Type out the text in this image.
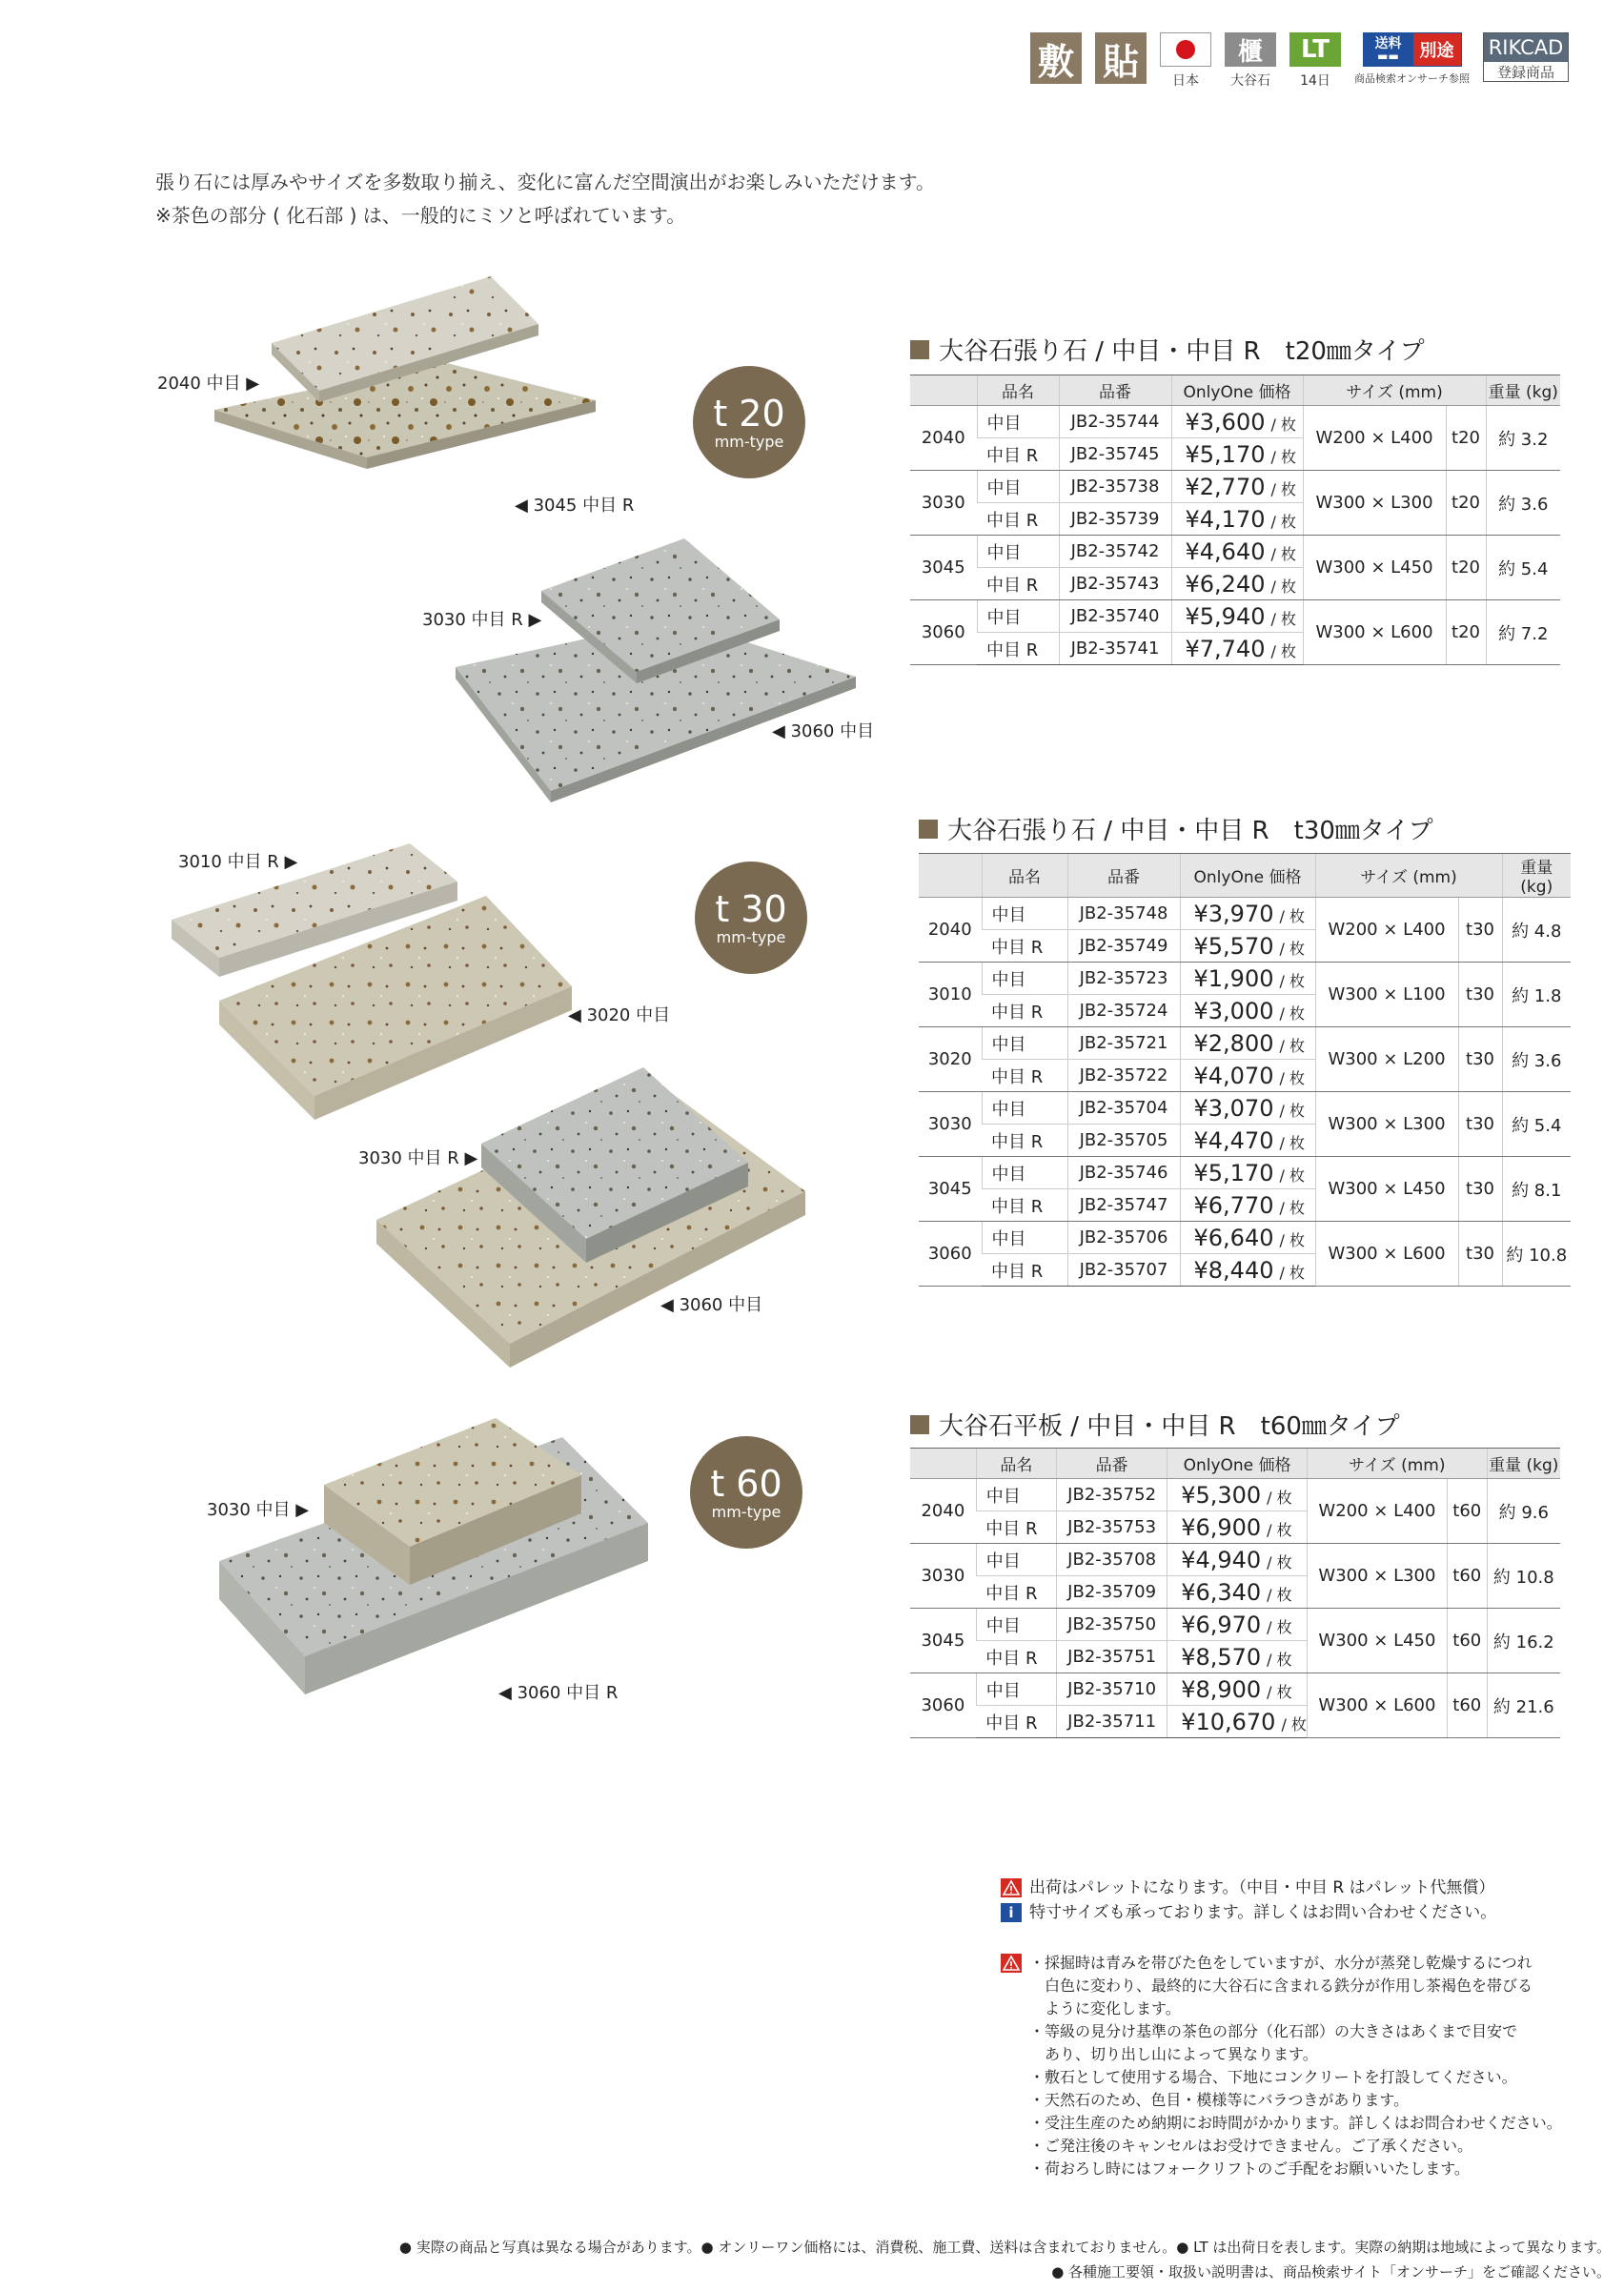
敷 貼	日本
櫃
大谷石
LT
14日
送料
▬▬	別途
商品検索オンサーチ参照
RIKCAD
登録商品
張り石には厚みやサイズを多数取り揃え、変化に富んだ空間演出がお楽しみいただけます。
※茶色の部分 ( 化石部 ) は、一般的にミソと呼ばれています。
2040 中目 ▶
◀ 3045 中目 R
3030 中目 R ▶
◀ 3060 中目
t 20
mm-type
3010 中目 R ▶
◀ 3020 中目
3030 中目 R ▶
◀ 3060 中目
t 30
mm-type
3030 中目 ▶
◀ 3060 中目 R
t 60
mm-type
大谷石張り石 / 中目・中目 R　t20㎜タイプ
	品名	品番	OnlyOne 価格	サイズ (mm)		重量 (kg)
2040	中目	JB2-35744	¥3,600 / 枚	W200 × L400	t20	約 3.2
	中目 R	JB2-35745	¥5,170 / 枚			
3030	中目	JB2-35738	¥2,770 / 枚	W300 × L300	t20	約 3.6
	中目 R	JB2-35739	¥4,170 / 枚			
3045	中目	JB2-35742	¥4,640 / 枚	W300 × L450	t20	約 5.4
	中目 R	JB2-35743	¥6,240 / 枚			
3060	中目	JB2-35740	¥5,940 / 枚	W300 × L600	t20	約 7.2
	中目 R	JB2-35741	¥7,740 / 枚			
大谷石張り石 / 中目・中目 R　t30㎜タイプ
	品名	品番	OnlyOne 価格	サイズ (mm)		重量 (kg)
2040	中目	JB2-35748	¥3,970 / 枚	W200 × L400	t30	約 4.8
	中目 R	JB2-35749	¥5,570 / 枚			
3010	中目	JB2-35723	¥1,900 / 枚	W300 × L100	t30	約 1.8
	中目 R	JB2-35724	¥3,000 / 枚			
3020	中目	JB2-35721	¥2,800 / 枚	W300 × L200	t30	約 3.6
	中目 R	JB2-35722	¥4,070 / 枚			
3030	中目	JB2-35704	¥3,070 / 枚	W300 × L300	t30	約 5.4
	中目 R	JB2-35705	¥4,470 / 枚			
3045	中目	JB2-35746	¥5,170 / 枚	W300 × L450	t30	約 8.1
	中目 R	JB2-35747	¥6,770 / 枚			
3060	中目	JB2-35706	¥6,640 / 枚	W300 × L600	t30	約 10.8
	中目 R	JB2-35707	¥8,440 / 枚			
大谷石平板 / 中目・中目 R　t60㎜タイプ
	品名	品番	OnlyOne 価格	サイズ (mm)		重量 (kg)
2040	中目	JB2-35752	¥5,300 / 枚	W200 × L400	t60	約 9.6
	中目 R	JB2-35753	¥6,900 / 枚			
3030	中目	JB2-35708	¥4,940 / 枚	W300 × L300	t60	約 10.8
	中目 R	JB2-35709	¥6,340 / 枚			
3045	中目	JB2-35750	¥6,970 / 枚	W300 × L450	t60	約 16.2
	中目 R	JB2-35751	¥8,570 / 枚			
3060	中目	JB2-35710	¥8,900 / 枚	W300 × L600	t60	約 21.6
	中目 R	JB2-35711	¥10,670 / 枚			
出荷はパレットになります。（中目・中目 R はパレット代無償）
i 特寸サイズも承っております。詳しくはお問い合わせください。
・採掘時は青みを帯びた色をしていますが、水分が蒸発し乾燥するにつれ
白色に変わり、最終的に大谷石に含まれる鉄分が作用し茶褐色を帯びる
ように変化します。
・等級の見分け基準の茶色の部分（化石部）の大きさはあくまで目安で
あり、切り出し山によって異なります。
・敷石として使用する場合、下地にコンクリートを打設してください。
・天然石のため、色目・模様等にバラつきがあります。
・受注生産のため納期にお時間がかかります。詳しくはお問合わせください。
・ご発注後のキャンセルはお受けできません。ご了承ください。
・荷おろし時にはフォークリフトのご手配をお願いいたします。
● 実際の商品と写真は異なる場合があります。● オンリーワン価格には、消費税、施工費、送料は含まれておりません。● LT は出荷日を表します。実際の納期は地域によって異なります。
● 各種施工要領・取扱い説明書は、商品検索サイト「オンサーチ」をご確認ください。
